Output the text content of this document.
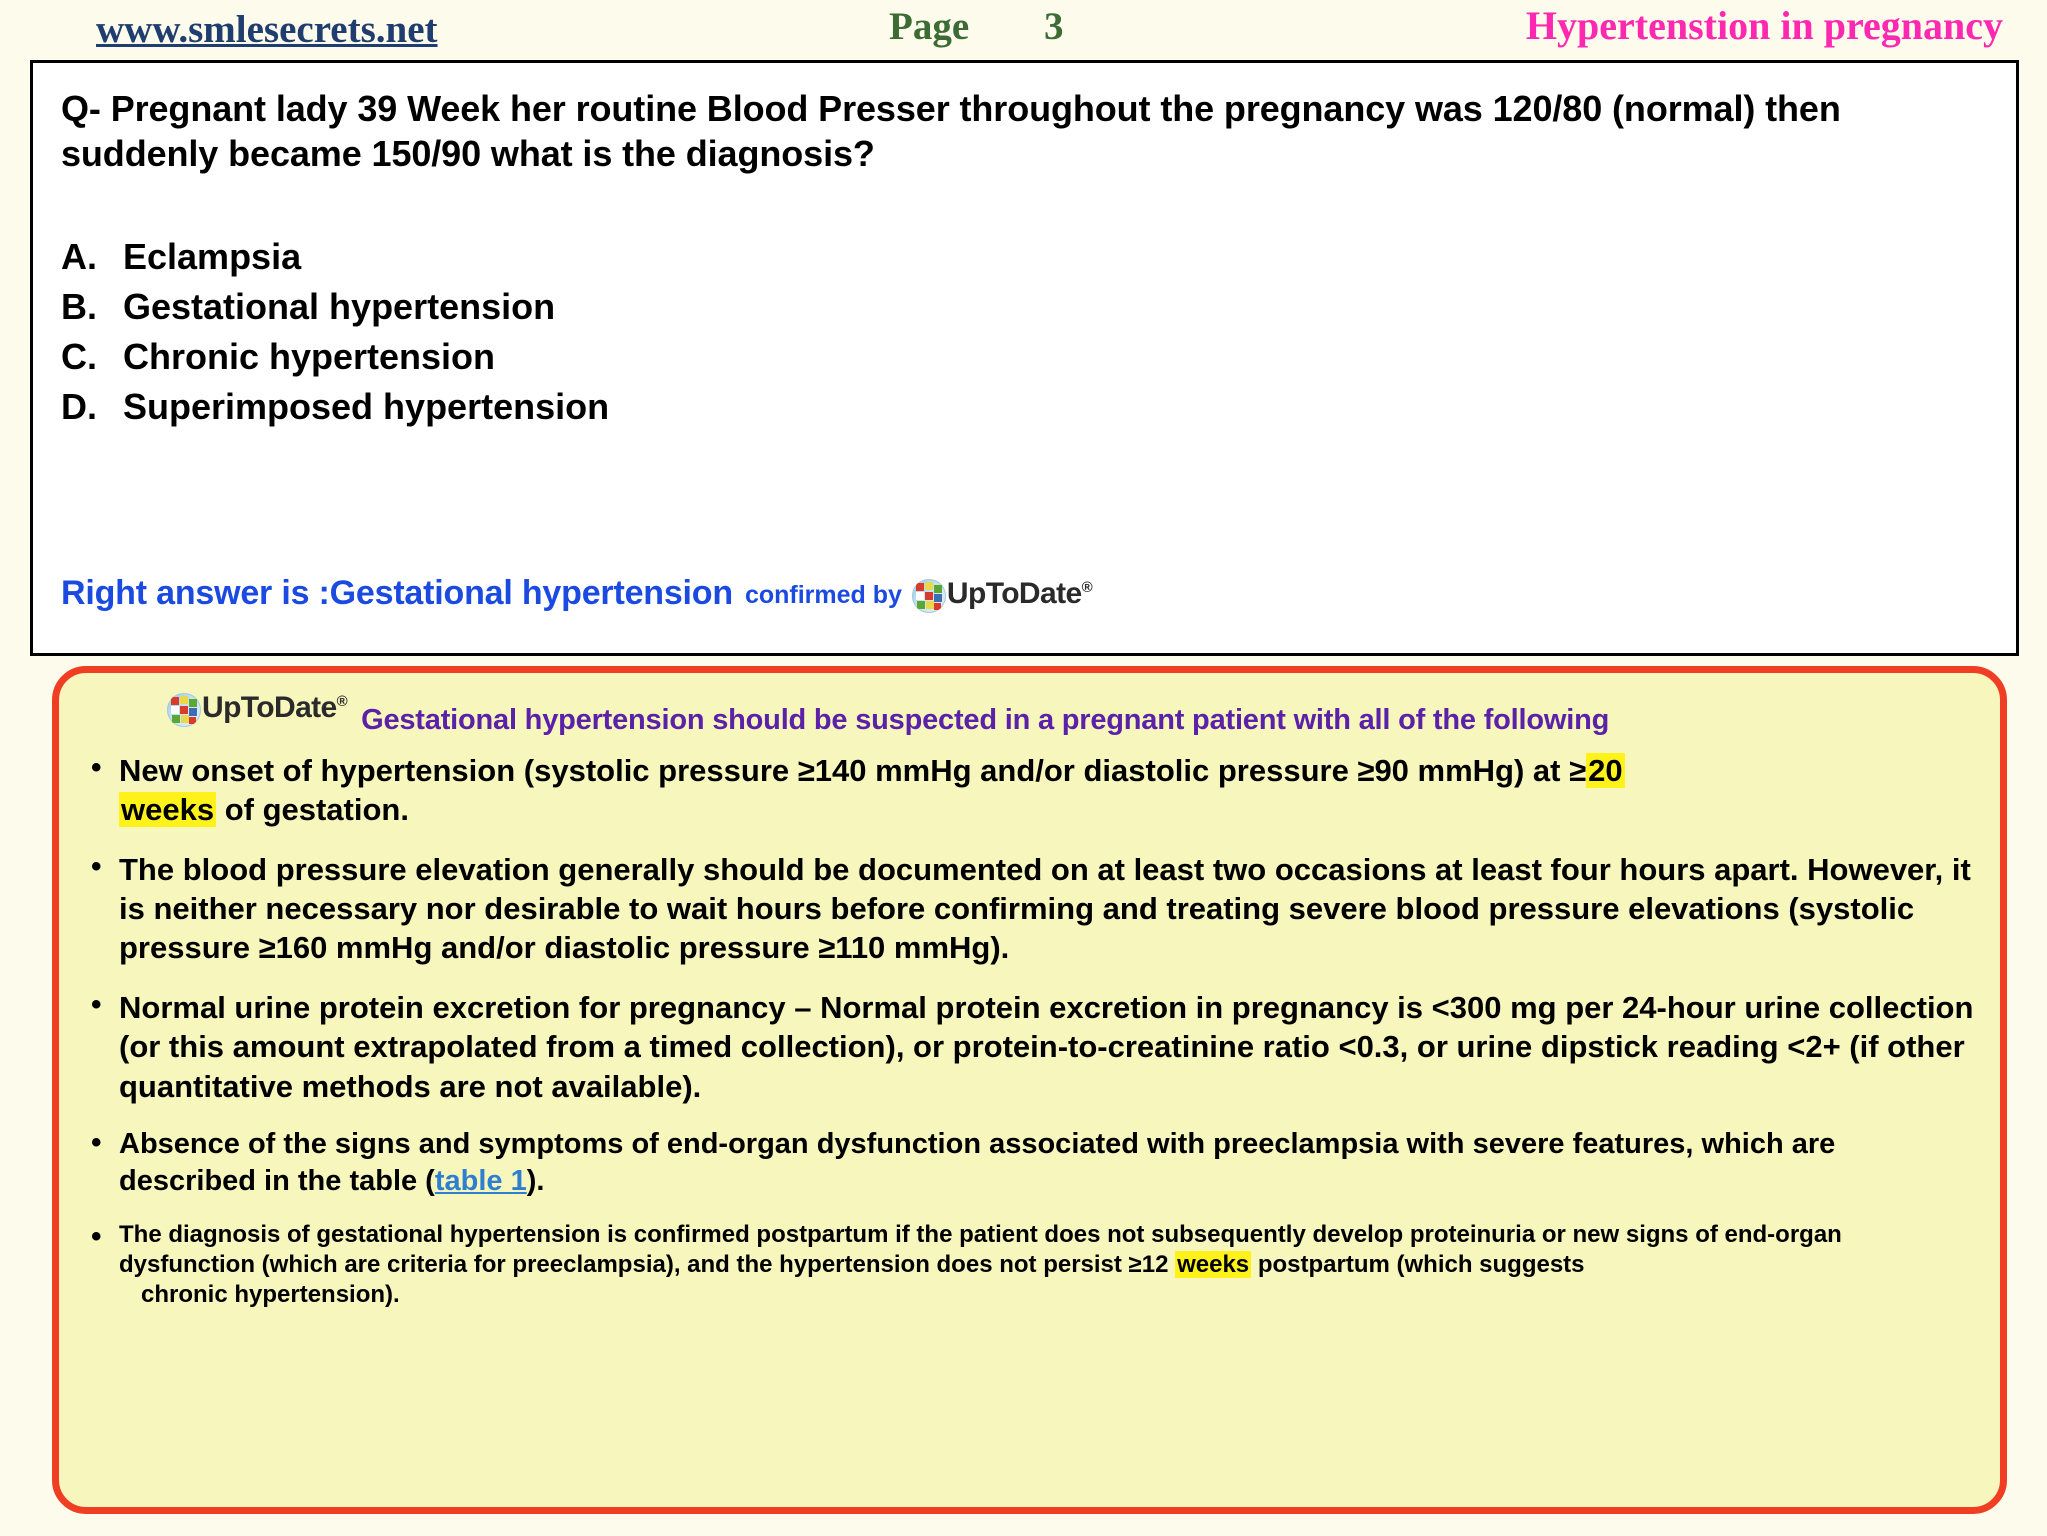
www.smlesecrets.net	Page 3	Hypertenstion in pregnancy
Q- Pregnant lady 39 Week her routine Blood Presser throughout the pregnancy was 120/80 (normal) then suddenly became 150/90 what is the diagnosis?
A. Eclampsia
B. Gestational hypertension
C. Chronic hypertension
D. Superimposed hypertension
Right answer is :Gestational hypertension confirmed by UpToDate®
UpToDate®
Gestational hypertension should be suspected in a pregnant patient with all of the following
• New onset of hypertension (systolic pressure ≥140 mmHg and/or diastolic pressure ≥90 mmHg) at ≥20
weeks of gestation.
• The blood pressure elevation generally should be documented on at least two occasions at least four hours apart. However, it is neither necessary nor desirable to wait hours before confirming and treating severe blood pressure elevations (systolic pressure ≥160 mmHg and/or diastolic pressure ≥110 mmHg).
• Normal urine protein excretion for pregnancy – Normal protein excretion in pregnancy is <300 mg per 24-hour urine collection (or this amount extrapolated from a timed collection), or protein-to-creatinine ratio <0.3, or urine dipstick reading <2+ (if other quantitative methods are not available).
• Absence of the signs and symptoms of end-organ dysfunction associated with preeclampsia with severe features, which are described in the table (table 1).
• The diagnosis of gestational hypertension is confirmed postpartum if the patient does not subsequently develop proteinuria or new signs of end-organ dysfunction (which are criteria for preeclampsia), and the hypertension does not persist ≥12 weeks postpartum (which suggests
chronic hypertension).
